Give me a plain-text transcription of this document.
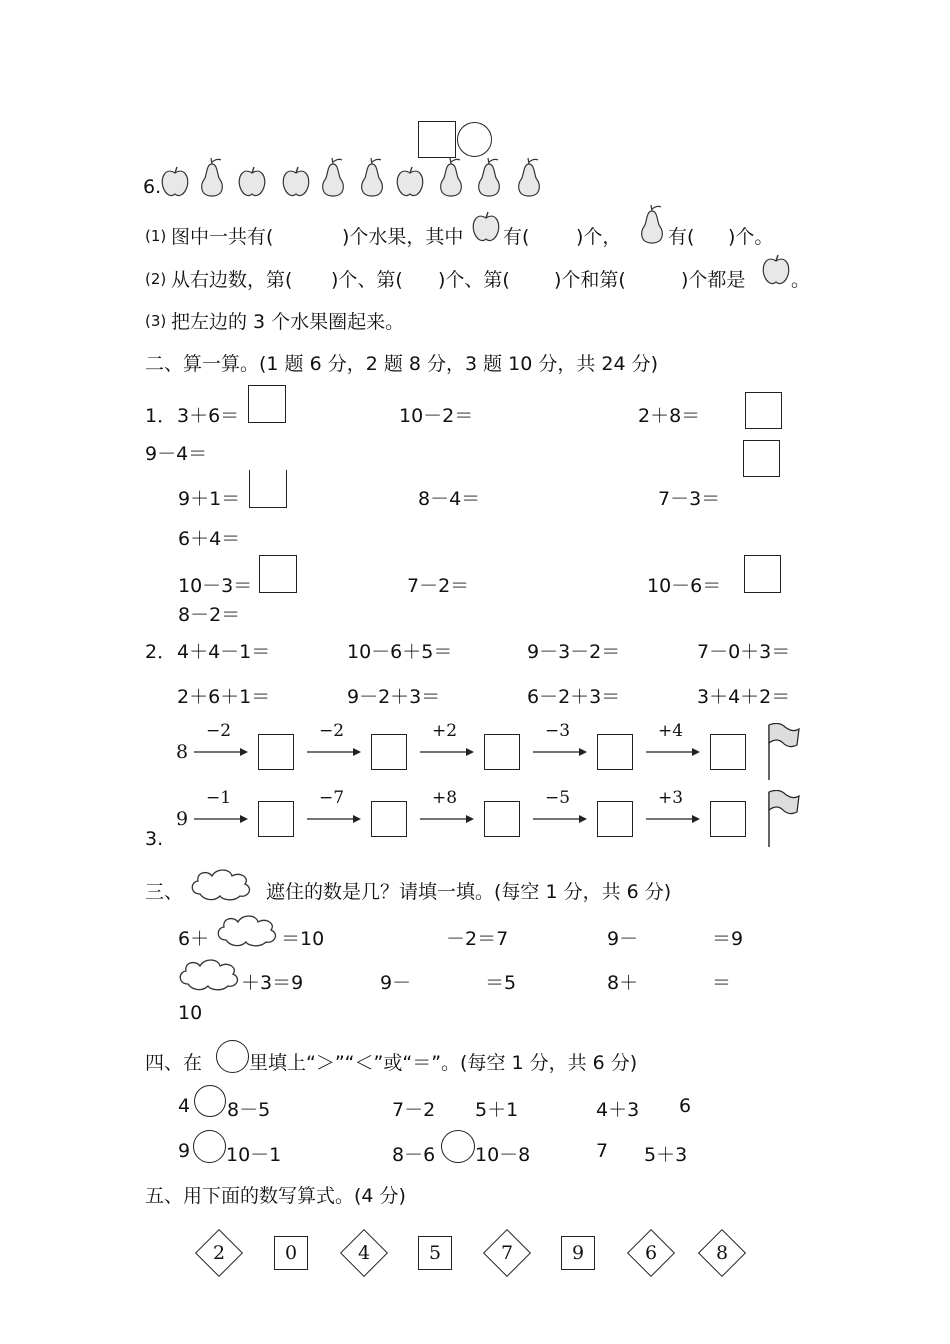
6.
(1) 图中一共有(	)个水果，其中 有( )个， 有( )个。
(2) 从右边数，第( )个、第( )个、第( )个和第(	)个都是 。
(3) 把左边的 3 个水果圈起来。
二、算一算。(1 题 6 分，2 题 8 分，3 题 10 分，共 24 分)
1． 3＋6＝	10－2＝	2＋8＝
9－4＝
9＋1＝	8－4＝	7－3＝
6＋4＝
10－3＝	7－2＝	10－6＝
8－2＝
2． 4＋4－1＝	10－6＋5＝	9－3－2＝	7－0＋3＝
2＋6＋1＝	9－2＋3＝	6－2＋3＝	3＋4＋2＝
8
−2	−2	+2	−3	+4
9
−1	−7	+8	−5	+3
3.
三、	遮住的数是几？请填一填。(每空 1 分，共 6 分)
6＋	＝10	－2＝7	9－	＝9
＋3＝9	9－	＝5	8＋	＝
10
四、在 里填上“＞”“＜”或“＝”。(每空 1 分，共 6 分)
4 8－5	7－2 5＋1	4＋3 6
9 10－1	8－6 10－8	7 5＋3
五、用下面的数写算式。(4 分)
2	0	4	5	7	9	6	8
